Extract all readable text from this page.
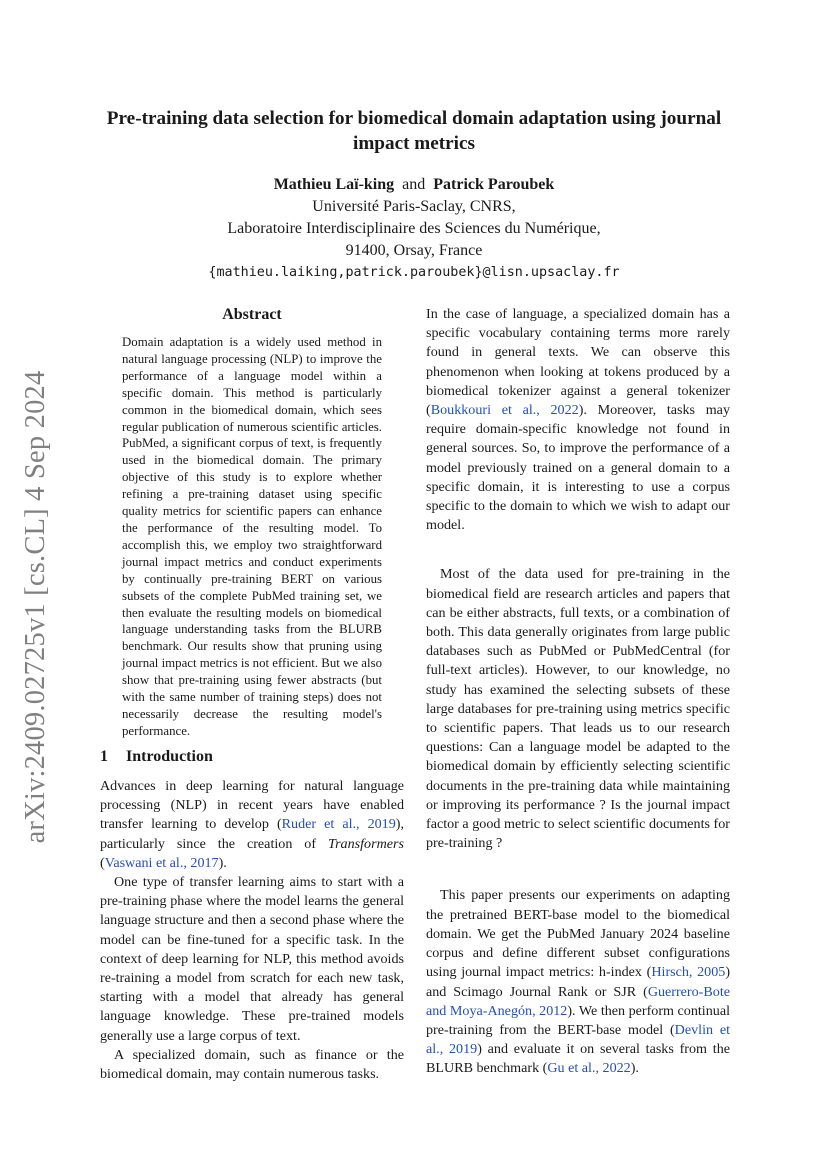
arXiv:2409.02725v1 [cs.CL] 4 Sep 2024
Pre-training data selection for biomedical domain adaptation using journal impact metrics
Mathieu Laï-king and Patrick Paroubek
Université Paris-Saclay, CNRS,
Laboratoire Interdisciplinaire des Sciences du Numérique,
91400, Orsay, France
{mathieu.laiking,patrick.paroubek}@lisn.upsaclay.fr
Abstract

Domain adaptation is a widely used method in natural language processing (NLP) to improve the performance of a language model within a specific domain. This method is particularly common in the biomedical domain, which sees regular publication of numerous scientific articles. PubMed, a significant corpus of text, is frequently used in the biomedical domain. The primary objective of this study is to explore whether refining a pre-training dataset using specific quality metrics for scientific papers can enhance the performance of the resulting model. To accomplish this, we employ two straightforward journal impact metrics and conduct experiments by continually pre-training BERT on various subsets of the complete PubMed training set, we then evaluate the resulting models on biomedical language understanding tasks from the BLURB benchmark. Our results show that pruning using journal impact metrics is not efficient. But we also show that pre-training using fewer abstracts (but with the same number of training steps) does not necessarily decrease the resulting model's performance.

1 Introduction

Advances in deep learning for natural language processing (NLP) in recent years have enabled transfer learning to develop (Ruder et al., 2019), particularly since the creation of Transformers (Vaswani et al., 2017).

One type of transfer learning aims to start with a pre-training phase where the model learns the general language structure and then a second phase where the model can be fine-tuned for a specific task. In the context of deep learning for NLP, this method avoids re-training a model from scratch for each new task, starting with a model that already has general language knowledge. These pre-trained models generally use a large corpus of text.

A specialized domain, such as finance or the biomedical domain, may contain numerous tasks.

In the case of language, a specialized domain has a specific vocabulary containing terms more rarely found in general texts. We can observe this phenomenon when looking at tokens produced by a biomedical tokenizer against a general tokenizer (Boukkouri et al., 2022). Moreover, tasks may require domain-specific knowledge not found in general sources. So, to improve the performance of a model previously trained on a general domain to a specific domain, it is interesting to use a corpus specific to the domain to which we wish to adapt our model.

Most of the data used for pre-training in the biomedical field are research articles and papers that can be either abstracts, full texts, or a combination of both. This data generally originates from large public databases such as PubMed or PubMedCentral (for full-text articles). However, to our knowledge, no study has examined the selecting subsets of these large databases for pre-training using metrics specific to scientific papers. That leads us to our research questions: Can a language model be adapted to the biomedical domain by efficiently selecting scientific documents in the pre-training data while maintaining or improving its performance ? Is the journal impact factor a good metric to select scientific documents for pre-training ?

This paper presents our experiments on adapting the pretrained BERT-base model to the biomedical domain. We get the PubMed January 2024 baseline corpus and define different subset configurations using journal impact metrics: h-index (Hirsch, 2005) and Scimago Journal Rank or SJR (Guerrero-Bote and Moya-Anegón, 2012). We then perform continual pre-training from the BERT-base model (Devlin et al., 2019) and evaluate it on several tasks from the BLURB benchmark (Gu et al., 2022).
